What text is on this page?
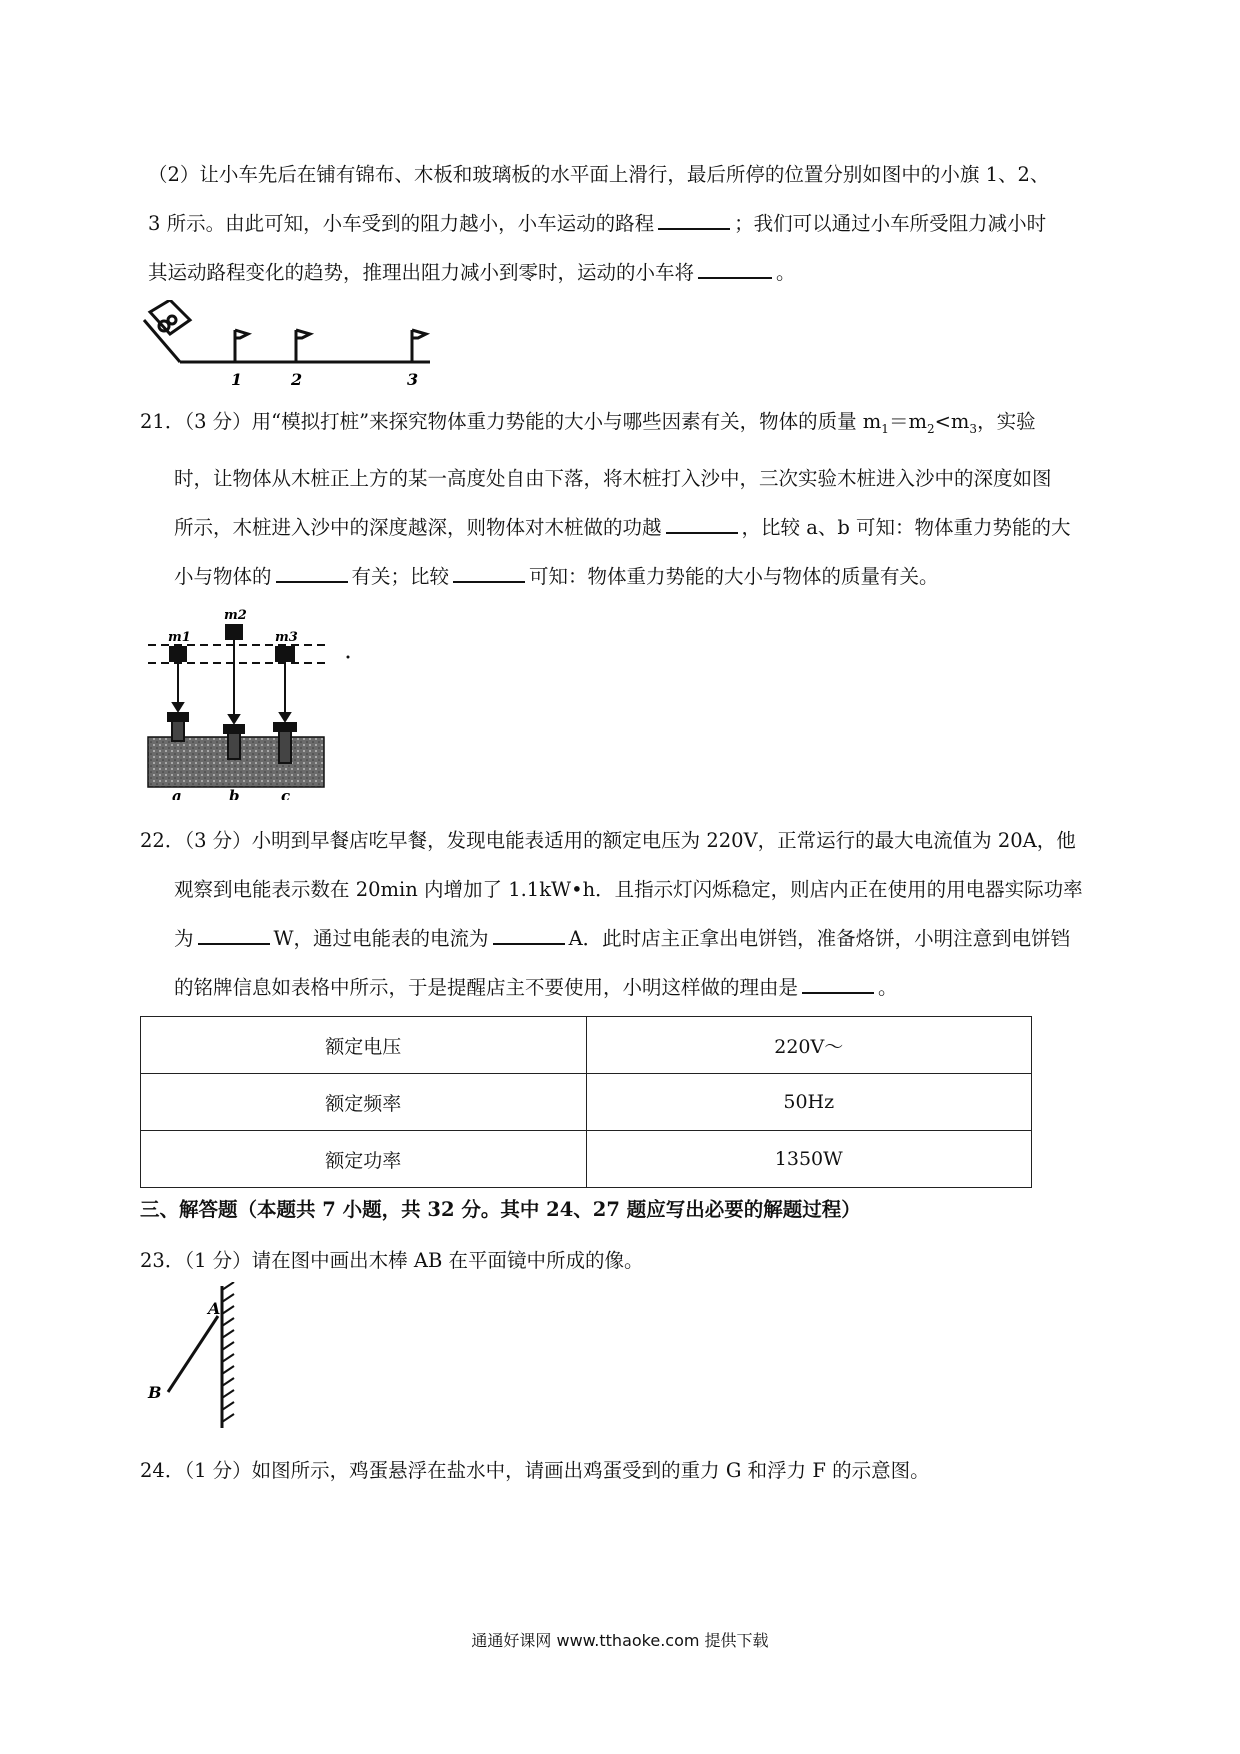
（2）让小车先后在铺有锦布、木板和玻璃板的水平面上滑行，最后所停的位置分别如图中的小旗 1、2、
3 所示。由此可知，小车受到的阻力越小，小车运动的路程	；我们可以通过小车所受阻力减小时
其运动路程变化的趋势，推理出阻力减小到零时，运动的小车将	。
1	2	3
21．（3 分）用“模拟打桩”来探究物体重力势能的大小与哪些因素有关，物体的质量 $m_1=m_2<m_3$，实验
时，让物体从木桩正上方的某一高度处自由下落，将木桩打入沙中，三次实验木桩进入沙中的深度如图
所示，木桩进入沙中的深度越深，则物体对木桩做的功越	，比较 a、b 可知：物体重力势能的大
小与物体的	有关；比较	可知：物体重力势能的大小与物体的质量有关。
m1
m2
m3
a	b	c
22．（3 分）小明到早餐店吃早餐，发现电能表适用的额定电压为 220V，正常运行的最大电流值为 20A，他
观察到电能表示数在 20min 内增加了 1.1kW•h．且指示灯闪烁稳定，则店内正在使用的用电器实际功率
为	W，通过电能表的电流为	A．此时店主正拿出电饼铛，准备烙饼，小明注意到电饼铛
的铭牌信息如表格中所示，于是提醒店主不要使用，小明这样做的理由是	。
额定电压	220V～
额定频率	50Hz
额定功率	1350W
三、解答题（本题共 7 小题，共 32 分。其中 24、27 题应写出必要的解题过程）
23．（1 分）请在图中画出木棒 AB 在平面镜中所成的像。
A
B
24．（1 分）如图所示，鸡蛋悬浮在盐水中，请画出鸡蛋受到的重力 G 和浮力 F 的示意图。
通通好课网 www.tthaoke.com 提供下载
